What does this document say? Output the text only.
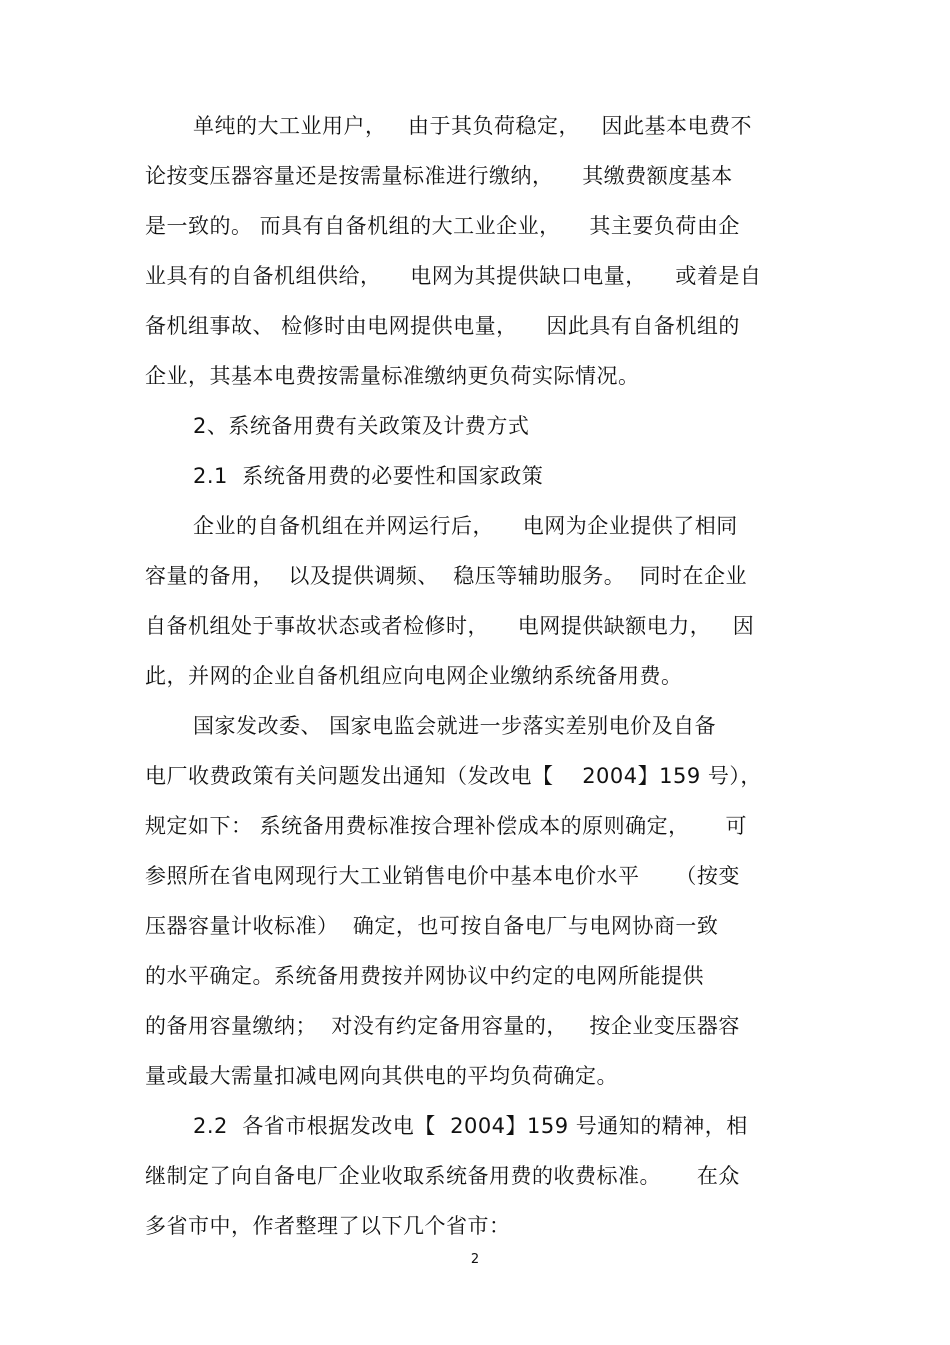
单纯的大工业用户，   由于其负荷稳定，   因此基本电费不
论按变压器容量还是按需量标准进行缴纳，    其缴费额度基本
是一致的。 而具有自备机组的大工业企业，    其主要负荷由企
业具有的自备机组供给，    电网为其提供缺口电量，    或着是自
备机组事故、 检修时由电网提供电量，    因此具有自备机组的
企业，其基本电费按需量标准缴纳更负荷实际情况。
2、系统备用费有关政策及计费方式
2.1  系统备用费的必要性和国家政策
企业的自备机组在并网运行后，    电网为企业提供了相同
容量的备用，  以及提供调频、  稳压等辅助服务。  同时在企业
自备机组处于事故状态或者检修时，    电网提供缺额电力，   因
此，并网的企业自备机组应向电网企业缴纳系统备用费。
国家发改委、 国家电监会就进一步落实差别电价及自备
电厂收费政策有关问题发出通知（发改电【    2004】159 号），
规定如下： 系统备用费标准按合理补偿成本的原则确定，     可
参照所在省电网现行大工业销售电价中基本电价水平     （按变
压器容量计收标准）  确定，也可按自备电厂与电网协商一致
的水平确定。系统备用费按并网协议中约定的电网所能提供
的备用容量缴纳；  对没有约定备用容量的，   按企业变压器容
量或最大需量扣减电网向其供电的平均负荷确定。
2.2  各省市根据发改电【  2004】159 号通知的精神，相
继制定了向自备电厂企业收取系统备用费的收费标准。     在众
多省市中，作者整理了以下几个省市：
2
